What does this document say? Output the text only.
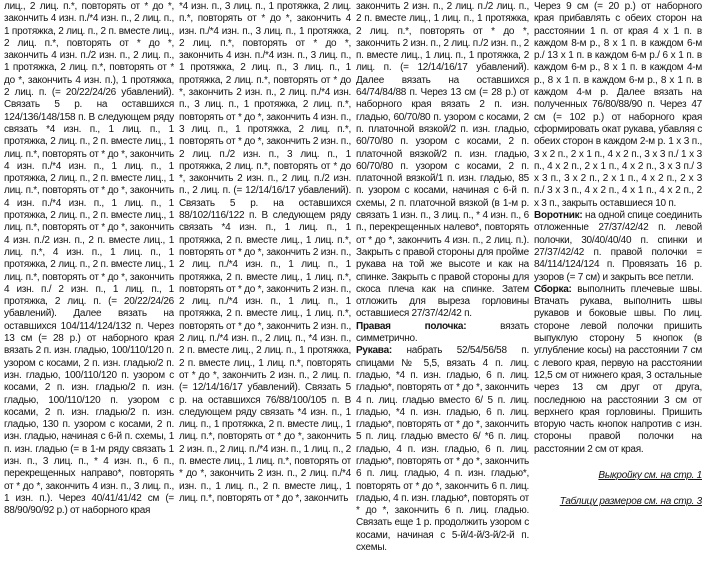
лиц., 2 лиц. п.*, повторять от * до *, закончить 4 изн. п./*4 изн. п., 2 лиц. п., 1 протяжка, 2 лиц. п., 2 п. вместе лиц., 2 лиц. п.*, повторять от * до *, закончить 4 изн. п./2 изн. п., 2 лиц. п., 1 протяжка, 2 лиц. п.*, повторять от * до *, закончить 4 изн. п.), 1 протяжка, 2 лиц. п. (= 20/22/24/26 убавлений). Связать 5 р. на оставшихся 124/136/148/158 п. В следующем ряду связать *4 изн. п., 1 лиц. п., 1 протяжка, 2 лиц. п., 2 п. вместе лиц., 1 лиц. п.*, повторять от * до *, закончить 4 изн. п./*4 изн. п., 1 лиц. п., 1 протяжка, 2 лиц. п., 2 п. вместе лиц., 1 лиц. п.*, повторять от * до *, закончить 4 изн. п./*4 изн. п., 1 лиц. п., 1 протяжка, 2 лиц. п., 2 п. вместе лиц., 1 лиц. п.*, повторять от * до *, закончить 4 изн. п./2 изн. п., 2 п. вместе лиц., 1 лиц. п.*, 4 изн. п., 1 лиц. п., 1 протяжка, 2 лиц. п., 2 п. вместе лиц., 1 лиц. п.*, повторять от * до *, закончить 4 изн. п./ 2 изн. п., 1 лиц. п., 1 протяжка, 2 лиц. п. (= 20/22/24/26 убавлений). Далее вязать на оставшихся 104/114/124/132 п. Через 13 см (= 28 р.) от наборного края вязать 2 п. изн. гладью, 100/110/120 п. узором с косами, 2 п. изн. гладью/2 п. изн. гладью, 100/110/120 п. узором с косами, 2 п. изн. гладью/2 п. изн. гладью, 100/110/120 п. узором с косами, 2 п. изн. гладью/2 п. изн. гладью, 130 п. узором с косами, 2 п. изн. гладью, начиная с 6-й п. схемы, 1 п. изн. гладью (= в 1-м ряду связать 1 изн. п., 3 лиц. п., * 4 изн. п., 6 п., перекрещенных направо*, повторять от * до *, закончить 4 изн. п., 3 лиц. п., 1 изн. п.). Через 40/41/41/42 см (= 88/90/90/92 р.) от наборного края

*4 изн. п., 3 лиц. п., 1 протяжка, 2 лиц. п.*, повторять от * до *, закончить 4 изн. п./*4 изн. п., 3 лиц. п., 1 протяжка, 2 лиц. п.*, повторять от * до *, закончить 4 изн. п./*4 изн. п., 3 лиц. п., 1 протяжка, 2 лиц. п., 3 лиц. п., 1 протяжка, 2 лиц. п.*, повторять от * до *, закончить 2 изн. п., 2 лиц. п./*4 изн. п., 3 лиц. п., 1 протяжка, 2 лиц. п.*, повторять от * до *, закончить 4 изн. п., 3 лиц. п., 1 протяжка, 2 лиц. п.*, повторять от * до *, закончить 2 изн. п., 2 лиц. п./2 изн. п., 3 лиц. п., 1 протяжка, 2 лиц. п.*, повторять от * до *, закончить 2 изн. п., 2 лиц. п./2 изн. п., 2 лиц. п. (= 12/14/16/17 убавлений). Связать 5 р. на оставшихся 88/102/116/122 п. В следующем ряду связать *4 изн. п., 1 лиц. п., 1 протяжка, 2 п. вместе лиц., 1 лиц. п.*, повторять от * до *, закончить 2 изн. п., 2 лиц. п./*4 изн. п., 1 лиц. п., 1 протяжка, 2 п. вместе лиц., 1 лиц. п.*, повторять от * до *, закончить 2 изн. п., 2 лиц. п./*4 изн. п., 1 лиц. п., 1 протяжка, 2 п. вместе лиц., 1 лиц. п.*, повторять от * до *, закончить 2 изн. п., 2 лиц. п./*4 изн. п., 2 лиц. п., *4 изн. п., 2 п. вместе лиц., 2 лиц. п., 1 протяжка, 2 п. вместе лиц., 1 лиц. п.*, повторять от * до *, закончить 2 изн. п., 2 лиц. п. (= 12/14/16/17 убавлений). Связать 5 р. на оставшихся 76/88/100/105 п. В следующем ряду связать *4 изн. п., 1 лиц. п., 1 протяжка, 2 п. вместе лиц., 1 лиц. п.*, повторять от * до *, закончить 2 изн. п., 2 лиц. п./*4 изн. п., 1 лиц. п., 2 п. вместе лиц., 1 лиц. п.*, повторять от * до *, закончить 2 изн. п., 2 лиц. п./*4 изн. п., 1 лиц. п., 2 п. вместе лиц., 1 лиц. п.*, повторять от * до *, закончить

закончить 2 изн. п., 2 лиц. п./2 лиц. п., 2 п. вместе лиц., 1 лиц. п., 1 протяжка, 2 лиц. п.*, повторять от * до *, закончить 2 изн. п., 2 лиц. п./2 изн. п., 2 п. вместе лиц., 1 лиц. п., 1 протяжка, 2 лиц. п. (= 12/14/16/17 убавлений). Далее вязать на оставшихся 64/74/84/88 п. Через 13 см (= 28 р.) от наборного края вязать 2 п. изн. гладью, 60/70/80 п. узором с косами, 2 п. платочной вязкой/2 п. изн. гладью, 60/70/80 п. узором с косами, 2 п. платочной вязкой/2 п. изн. гладью, 60/70/80 п. узором с косами, 2 п. платочной вязкой/1 п. изн. гладью, 85 п. узором с косами, начиная с 6-й п. схемы, 2 п. платочной вязкой (в 1-м р. связать 1 изн. п., 3 лиц. п., * 4 изн. п., 6 п., перекрещенных налево*, повторять от * до *, закончить 4 изн. п., 2 лиц. п.). Закрыть с правой стороны для пройме рукава на той же высоте и как на спинке. Закрыть с правой стороны для скоса плеча как на спинке. Затем отложить для выреза горловины оставшиеся 27/37/42/42 п.

Правая полочка: вязать симметрично.

Рукава: набрать 52/54/56/58 п. спицами № 5,5, вязать 4 п. лиц. гладью, *4 п. изн. гладью, 6 п. лиц. гладью*, повторять от * до *, закончить 4 п. лиц. гладью вместо 6/ 5 п. лиц. гладью, *4 п. изн. гладью, 6 п. лиц. гладью*, повторять от * до *, закончить 5 п. лиц. гладью вместо 6/ *6 п. лиц. гладью, 4 п. изн. гладью, 6 п. лиц. гладью*, повторять от * до *, закончить 6 п. лиц. гладью, 4 п. изн. гладью*, повторять от * до *, закончить 6 п. лиц. гладью, 4 п. изн. гладью*, повторять от * до *, закончить 6 п. лиц. гладью. Связать еще 1 р. продолжить узором с косами, начиная с 5-й/4-й/3-й/2-й п. схемы.

Через 9 см (= 20 р.) от наборного края прибавлять с обеих сторон на расстоянии 1 п. от края 4 х 1 п. в каждом 8-м р., 8 х 1 п. в каждом 6-м р./ 13 х 1 п. в каждом 6-м р./ 6 х 1 п. в каждом 6-м р., 8 х 1 п. в каждом 4-м р., 8 х 1 п. в каждом 6-м р., 8 х 1 п. в каждом 4-м р. Далее вязать на полученных 76/80/88/90 п. Через 47 см (= 102 р.) от наборного края сформировать окат рукава, убавляя с обеих сторон в каждом 2-м р. 1 х 3 п., 3 х 2 п., 2 х 1 п., 4 х 2 п., 3 х 3 п./ 1 х 3 п., 4 х 2 п., 2 х 1 п., 4 х 2 п., 3 х 3 п./ 3 х 3 п., 3 х 2 п., 2 х 1 п., 4 х 2 п., 2 х 3 п./ 3 х 3 п., 4 х 2 п., 4 х 1 п., 4 х 2 п., 2 х 3 п., закрыть оставшиеся 10 п.

Воротник: на одной спице соединить отложенные 27/37/42/42 п. левой полочки, 30/40/40/40 п. спинки и 27/37/42/42 п. правой полочки = 84/114/124/124 п. Провязать 16 р. узоров (= 7 см) и закрыть все петли.

Сборка: выполнить плечевые швы. Втачать рукава, выполнить швы рукавов и боковые швы. По лиц. стороне левой полочки пришить выпуклую сторону 5 кнопок (в углубление косы) на расстоянии 7 см с левого края, первую на расстоянии 12,5 см от нижнего края, 3 остальные через 13 см друг от друга, последнюю на расстоянии 3 см от верхнего края горловины. Пришить вторую часть кнопок напротив с изн. стороны правой полочки на расстоянии 2 см от края.

Выкройку см. на стр. 1
Таблицу размеров см. на стр. 3
